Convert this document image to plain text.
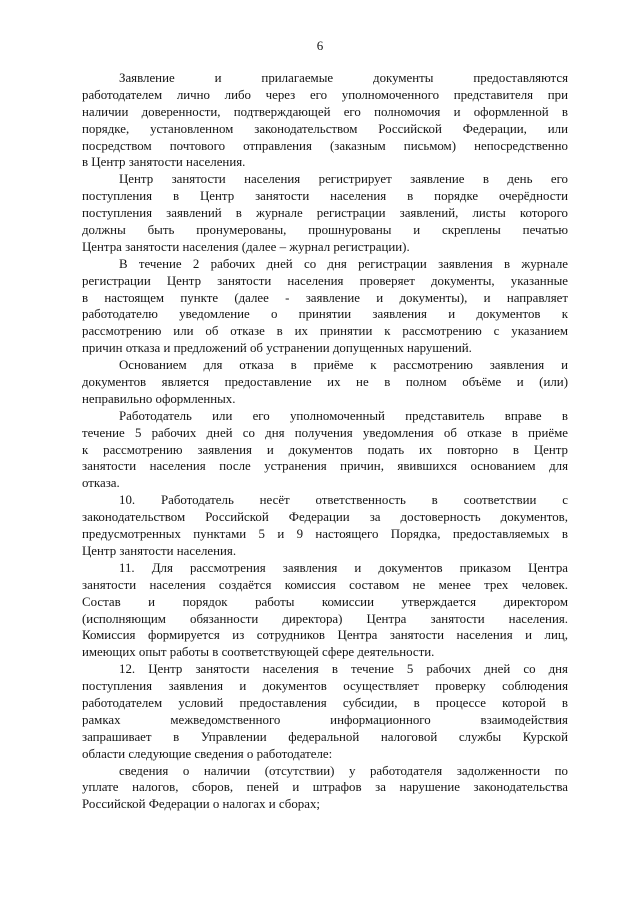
6
Заявление и прилагаемые документы предоставляются
работодателем лично либо через его уполномоченного представителя при
наличии доверенности, подтверждающей его полномочия и оформленной в
порядке, установленном законодательством Российской Федерации, или
посредством почтового отправления (заказным письмом) непосредственно
в Центр занятости населения.
Центр занятости населения регистрирует заявление в день его
поступления в Центр занятости населения в порядке очерёдности
поступления заявлений в журнале регистрации заявлений, листы которого
должны быть пронумерованы, прошнурованы и скреплены печатью
Центра занятости населения (далее – журнал регистрации).
В течение 2 рабочих дней со дня регистрации заявления в журнале
регистрации Центр занятости населения проверяет документы, указанные
в настоящем пункте (далее - заявление и документы), и направляет
работодателю уведомление о принятии заявления и документов к
рассмотрению или об отказе в их принятии к рассмотрению с указанием
причин отказа и предложений об устранении допущенных нарушений.
Основанием для отказа в приёме к рассмотрению заявления и
документов является предоставление их не в полном объёме и (или)
неправильно оформленных.
Работодатель или его уполномоченный представитель вправе в
течение 5 рабочих дней со дня получения уведомления об отказе в приёме
к рассмотрению заявления и документов подать их повторно в Центр
занятости населения после устранения причин, явившихся основанием для
отказа.
10. Работодатель несёт ответственность в соответствии с
законодательством Российской Федерации за достоверность документов,
предусмотренных пунктами 5 и 9 настоящего Порядка, предоставляемых в
Центр занятости населения.
11. Для рассмотрения заявления и документов приказом Центра
занятости населения создаётся комиссия составом не менее трех человек.
Состав и порядок работы комиссии утверждается директором
(исполняющим обязанности директора) Центра занятости населения.
Комиссия формируется из сотрудников Центра занятости населения и лиц,
имеющих опыт работы в соответствующей сфере деятельности.
12. Центр занятости населения в течение 5 рабочих дней со дня
поступления заявления и документов осуществляет проверку соблюдения
работодателем условий предоставления субсидии, в процессе которой в
рамках межведомственного информационного взаимодействия
запрашивает в Управлении федеральной налоговой службы Курской
области следующие сведения о работодателе:
сведения о наличии (отсутствии) у работодателя задолженности по
уплате налогов, сборов, пеней и штрафов за нарушение законодательства
Российской Федерации о налогах и сборах;
